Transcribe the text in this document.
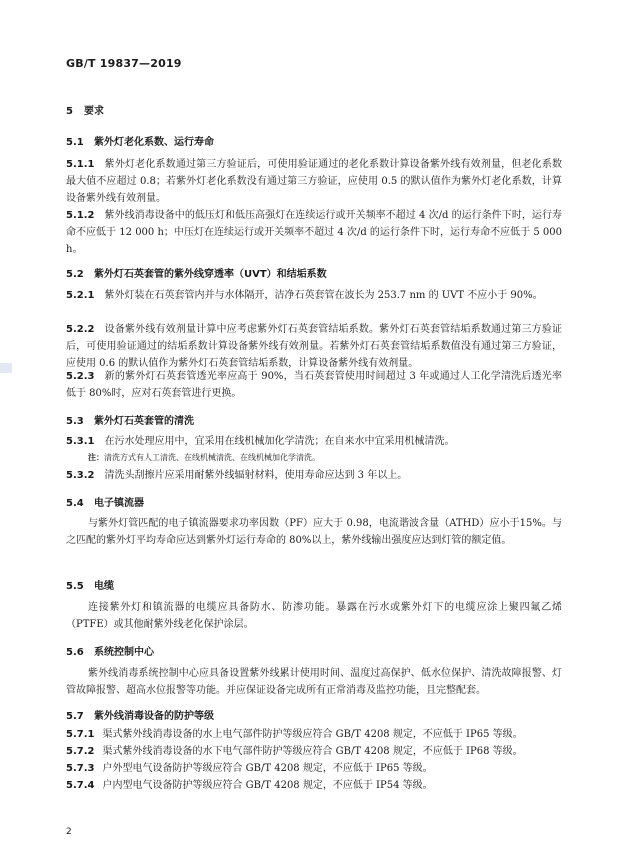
GB/T 19837—2019
5 要求
5.1 紫外灯老化系数、运行寿命
5.1.1 紫外灯老化系数通过第三方验证后，可使用验证通过的老化系数计算设备紫外线有效剂量，但老化系数最大值不应超过 0.8；若紫外灯老化系数没有通过第三方验证，应使用 0.5 的默认值作为紫外灯老化系数，计算设备紫外线有效剂量。
5.1.2 紫外线消毒设备中的低压灯和低压高强灯在连续运行或开关频率不超过 4 次/d 的运行条件下时，运行寿命不应低于 12 000 h；中压灯在连续运行或开关频率不超过 4 次/d 的运行条件下时，运行寿命不应低于 5 000 h。
5.2 紫外灯石英套管的紫外线穿透率（UVT）和结垢系数
5.2.1 紫外灯装在石英套管内并与水体隔开，洁净石英套管在波长为 253.7 nm 的 UVT 不应小于 90%。
5.2.2 设备紫外线有效剂量计算中应考虑紫外灯石英套管结垢系数。紫外灯石英套管结垢系数通过第三方验证后，可使用验证通过的结垢系数计算设备紫外线有效剂量。若紫外灯石英套管结垢系数值没有通过第三方验证，应使用 0.6 的默认值作为紫外灯石英套管结垢系数，计算设备紫外线有效剂量。
5.2.3 新的紫外灯石英套管透光率应高于 90%，当石英套管使用时间超过 3 年或通过人工化学清洗后透光率低于 80%时，应对石英套管进行更换。
5.3 紫外灯石英套管的清洗
5.3.1 在污水处理应用中，宜采用在线机械加化学清洗；在自来水中宜采用机械清洗。
注：清洗方式有人工清洗、在线机械清洗、在线机械加化学清洗。
5.3.2 清洗头刮擦片应采用耐紫外线辐射材料，使用寿命应达到 3 年以上。
5.4 电子镇流器
与紫外灯管匹配的电子镇流器要求功率因数（PF）应大于 0.98，电流谐波含量（ATHD）应小于15%。与之匹配的紫外灯平均寿命应达到紫外灯运行寿命的 80%以上，紫外线输出强度应达到灯管的额定值。
5.5 电缆
连接紫外灯和镇流器的电缆应具备防水、防渗功能。暴露在污水或紫外灯下的电缆应涂上聚四氟乙烯（PTFE）或其他耐紫外线老化保护涂层。
5.6 系统控制中心
紫外线消毒系统控制中心应具备设置紫外线累计使用时间、温度过高保护、低水位保护、清洗故障报警、灯管故障报警、超高水位报警等功能。并应保证设备完成所有正常消毒及监控功能，且完整配套。
5.7 紫外线消毒设备的防护等级
5.7.1 渠式紫外线消毒设备的水上电气部件防护等级应符合 GB/T 4208 规定，不应低于 IP65 等级。
5.7.2 渠式紫外线消毒设备的水下电气部件防护等级应符合 GB/T 4208 规定，不应低于 IP68 等级。
5.7.3 户外型电气设备防护等级应符合 GB/T 4208 规定，不应低于 IP65 等级。
5.7.4 户内型电气设备防护等级应符合 GB/T 4208 规定，不应低于 IP54 等级。
2
